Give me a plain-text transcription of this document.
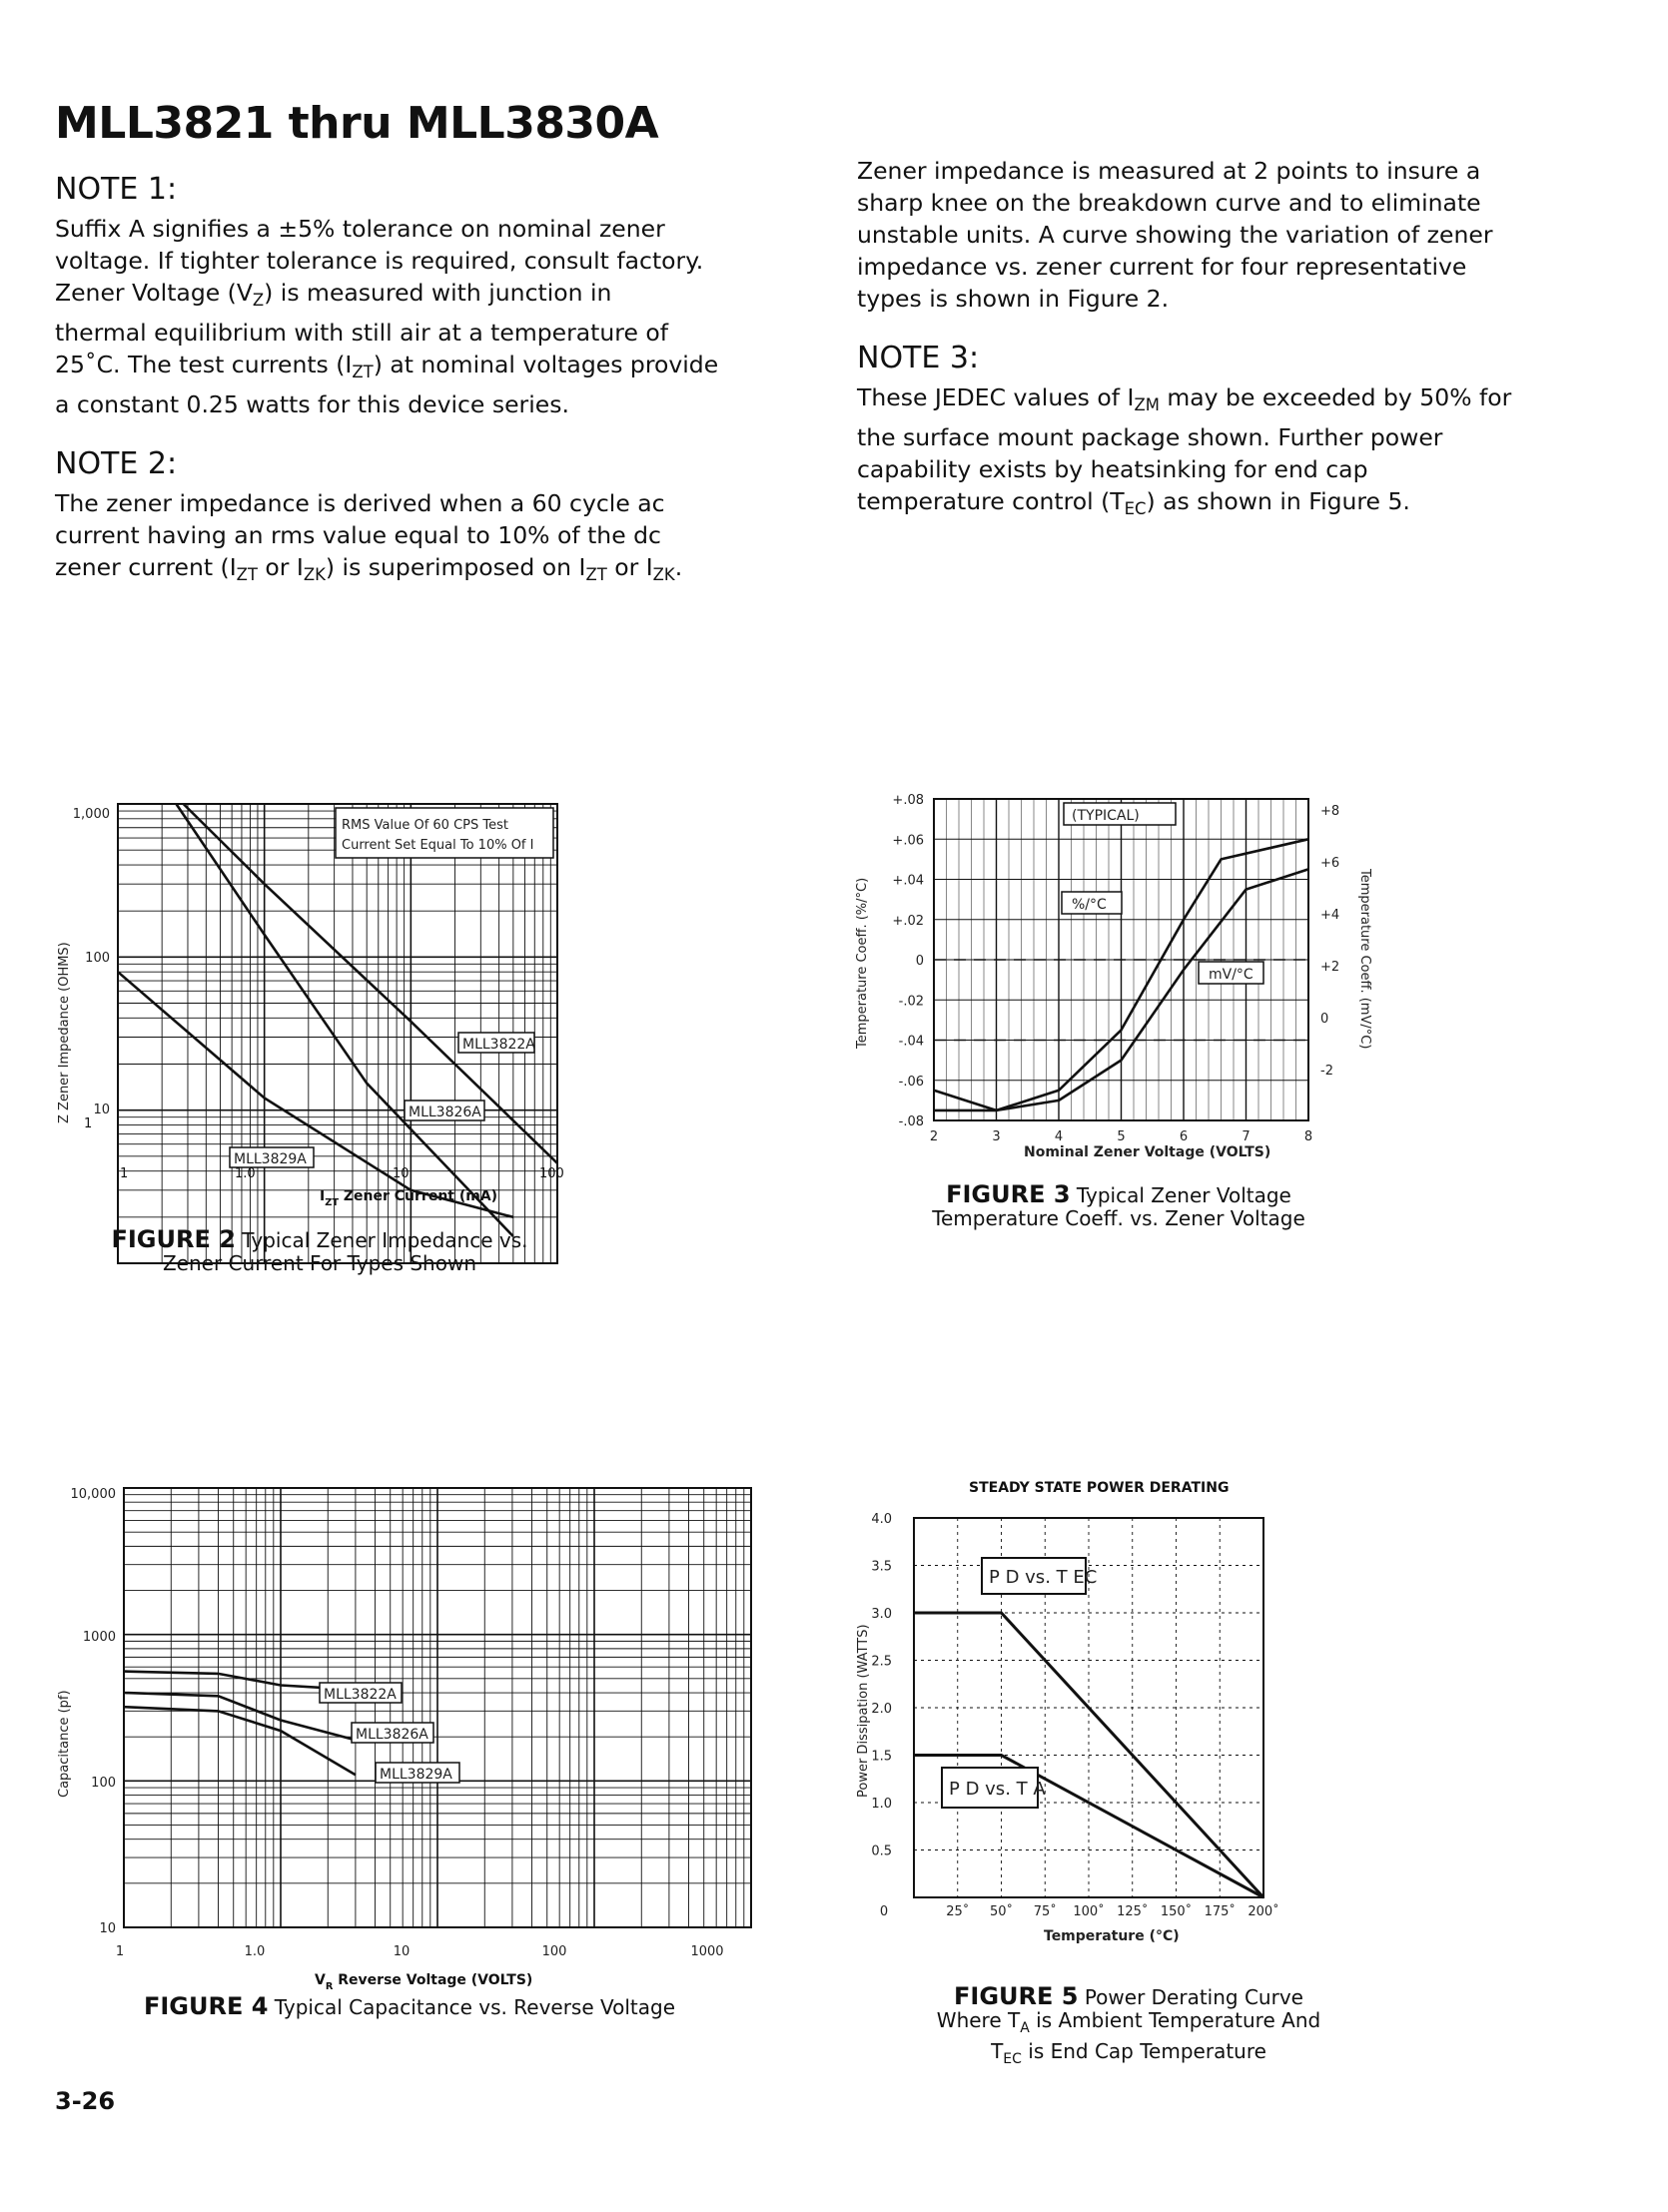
MLL3821 thru MLL3830A
NOTE 1:

Suffix A signifies a ±5% tolerance on nominal zener
voltage. If tighter tolerance is required, consult factory.
Zener Voltage $(V_Z)$ is measured with junction in
thermal equilibrium with still air at a temperature of
25˚C. The test currents $(I_{ZT})$ at nominal voltages provide
a constant 0.25 watts for this device series.

NOTE 2:

The zener impedance is derived when a 60 cycle ac
current having an rms value equal to 10% of the dc
zener current ($I_{ZT}$ or $I_{ZK}$) is superimposed on $I_{ZT}$ or $I_{ZK}$.

Zener impedance is measured at 2 points to insure a
sharp knee on the breakdown curve and to eliminate
unstable units. A curve showing the variation of zener
impedance vs. zener current for four representative
types is shown in Figure 2.

NOTE 3:

These JEDEC values of $I_{ZM}$ may be exceeded by 50% for
the surface mount package shown. Further power
capability exists by heatsinking for end cap
temperature control $(T_{EC})$ as shown in Figure 5.

1,000
100
10
Z Zener Impedance (OHMS)
RMS Value Of 60 CPS Test
Current Set Equal To 10% Of I
MLL3822A
MLL3826A
MLL3829A
1
1	1.0	10	100
$I_{ZT}$ Zener Current (mA)
FIGURE 2 Typical Zener Impedance vs.
Zener Current For Types Shown
+.08
+.06
+.04
+.02
0
-.02
-.04
-.06
-.08
+8
+6
+4
+2
0
-2
2	3	4	5	6	7	8
Temperature Coeff. (%/°C)	Temperature Coeff. (mV/°C)
Nominal Zener Voltage (VOLTS)
(TYPICAL)
%/°C
mV/°C
FIGURE 3 Typical Zener Voltage
Temperature Coeff. vs. Zener Voltage
10,000
1000
100
10
1	1.0	10	100	1000
Capacitance (pf)	MLL3822A
MLL3826A
MLL3829A
$V_R$ Reverse Voltage (VOLTS)
FIGURE 4 Typical Capacitance vs. Reverse Voltage
STEADY STATE POWER DERATING
4.0
3.5
3.0
2.5
2.0
1.5
1.0
0.5
0	25˚ 50˚ 75˚ 100˚ 125˚ 150˚ 175˚ 200˚
Power Dissipation (WATTS)
P D vs. T EC
P D vs. T A
Temperature (°C)
FIGURE 5 Power Derating Curve
Where $T_A$ is Ambient Temperature And
$T_{EC}$ is End Cap Temperature
3-26
